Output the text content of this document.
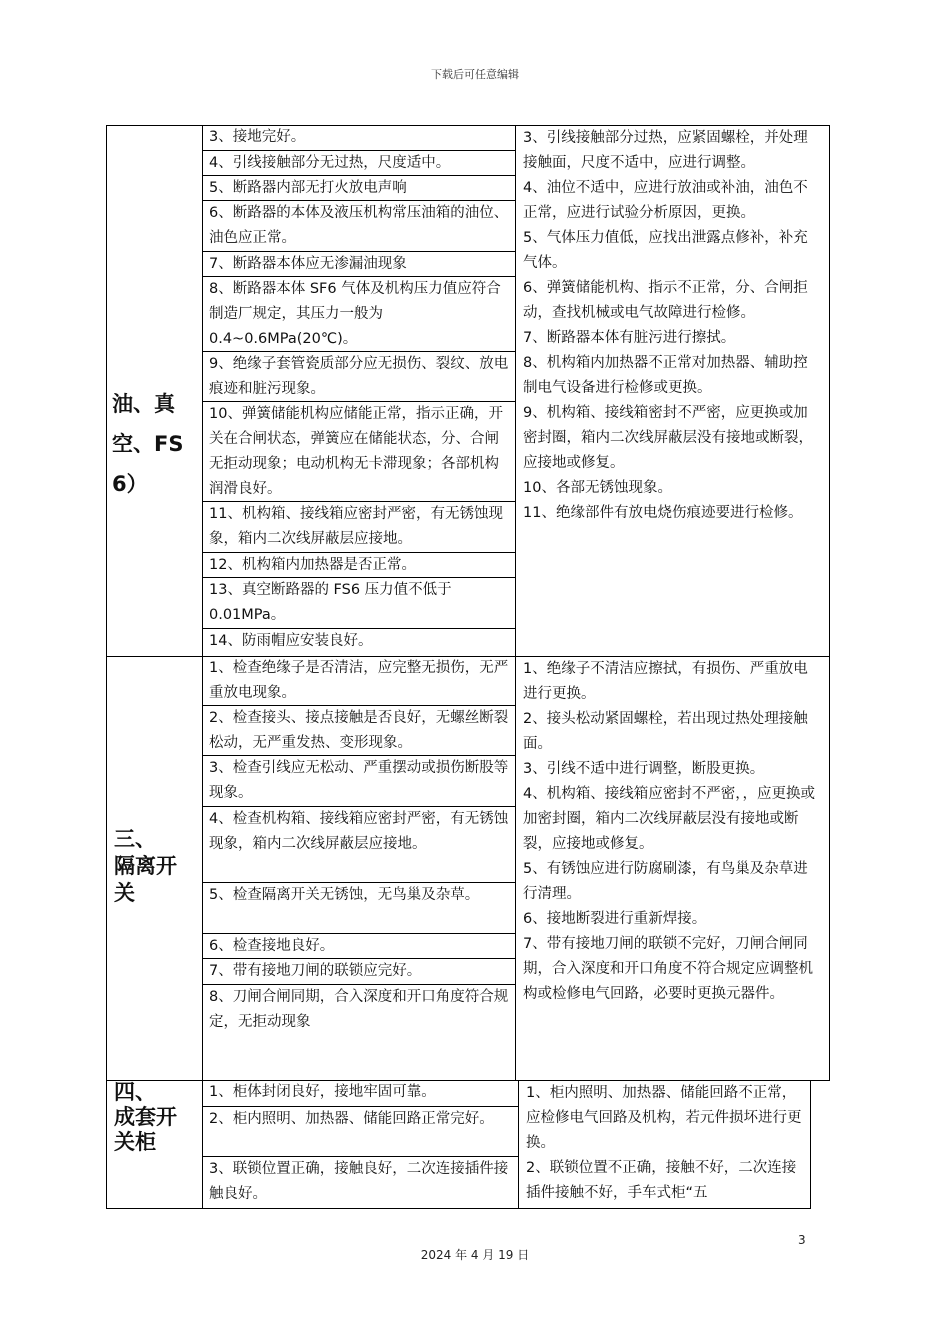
下载后可任意编辑
油、真
空、FS
6）
3、接地完好。
4、引线接触部分无过热，尺度适中。
5、断路器内部无打火放电声响
6、断路器的本体及液压机构常压油箱的油位、油色应正常。
7、断路器本体应无渗漏油现象
8、断路器本体 SF6 气体及机构压力值应符合制造厂规定，其压力一般为0.4~0.6MPa(20℃)。
9、绝缘子套管瓷质部分应无损伤、裂纹、放电痕迹和脏污现象。
10、弹簧储能机构应储能正常，指示正确，开关在合闸状态，弹簧应在储能状态，分、合闸无拒动现象；电动机构无卡滞现象；各部机构润滑良好。
11、机构箱、接线箱应密封严密，有无锈蚀现象，箱内二次线屏蔽层应接地。
12、机构箱内加热器是否正常。
13、真空断路器的 FS6 压力值不低于0.01MPa。
14、防雨帽应安装良好。
3、引线接触部分过热，应紧固螺栓，并处理接触面，尺度不适中，应进行调整。
4、油位不适中，应进行放油或补油，油色不正常，应进行试验分析原因，更换。
5、气体压力值低，应找出泄露点修补，补充气体。
6、弹簧储能机构、指示不正常，分、合闸拒动，查找机械或电气故障进行检修。
7、断路器本体有脏污进行擦拭。
8、机构箱内加热器不正常对加热器、辅助控制电气设备进行检修或更换。
9、机构箱、接线箱密封不严密，应更换或加密封圈，箱内二次线屏蔽层没有接地或断裂，应接地或修复。
10、各部无锈蚀现象。
11、绝缘部件有放电烧伤痕迹要进行检修。
三、
隔离开
关
1、检查绝缘子是否清洁，应完整无损伤，无严重放电现象。
2、检查接头、接点接触是否良好，无螺丝断裂松动，无严重发热、变形现象。
3、检查引线应无松动、严重摆动或损伤断股等现象。
4、检查机构箱、接线箱应密封严密，有无锈蚀现象，箱内二次线屏蔽层应接地。
5、检查隔离开关无锈蚀，无鸟巢及杂草。
6、检查接地良好。
7、带有接地刀闸的联锁应完好。
8、刀闸合闸同期，合入深度和开口角度符合规定，无拒动现象
1、绝缘子不清洁应擦拭，有损伤、严重放电进行更换。
2、接头松动紧固螺栓，若出现过热处理接触面。
3、引线不适中进行调整，断股更换。
4、机构箱、接线箱应密封不严密，，应更换或加密封圈，箱内二次线屏蔽层没有接地或断裂，应接地或修复。
5、有锈蚀应进行防腐刷漆，有鸟巢及杂草进行清理。
6、接地断裂进行重新焊接。
7、带有接地刀闸的联锁不完好，刀闸合闸同期，合入深度和开口角度不符合规定应调整机构或检修电气回路，必要时更换元器件。
四、
成套开
关柜
1、柜体封闭良好，接地牢固可靠。
2、柜内照明、加热器、储能回路正常完好。
3、联锁位置正确，接触良好，二次连接插件接触良好。
1、柜内照明、加热器、储能回路不正常，应检修电气回路及机构，若元件损坏进行更换。
2、联锁位置不正确，接触不好，二次连接插件接触不好，手车式柜“五
3
2024 年 4 月 19 日
